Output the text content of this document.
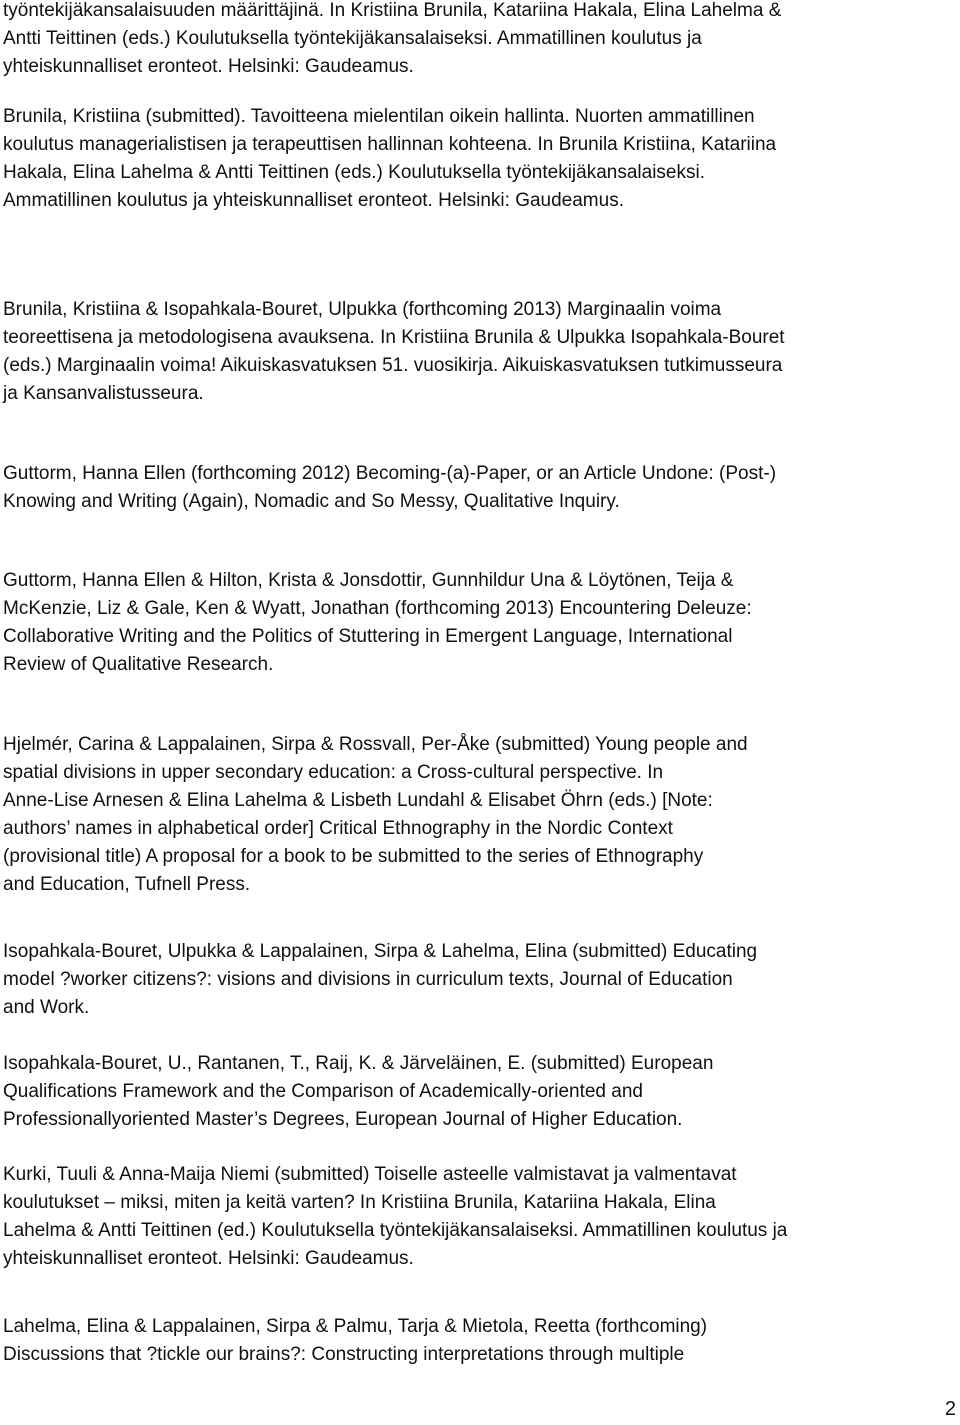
työntekijäkansalaisuuden määrittäjinä. In Kristiina Brunila, Katariina Hakala, Elina Lahelma &
Antti Teittinen (eds.) Koulutuksella työntekijäkansalaiseksi. Ammatillinen koulutus ja
yhteiskunnalliset eronteot. Helsinki: Gaudeamus.

Brunila, Kristiina (submitted). Tavoitteena mielentilan oikein hallinta. Nuorten ammatillinen
koulutus managerialistisen ja terapeuttisen hallinnan kohteena. In Brunila Kristiina, Katariina
Hakala, Elina Lahelma & Antti Teittinen (eds.) Koulutuksella työntekijäkansalaiseksi.
Ammatillinen koulutus ja yhteiskunnalliset eronteot. Helsinki: Gaudeamus.

Brunila, Kristiina & Isopahkala-Bouret, Ulpukka (forthcoming 2013) Marginaalin voima
teoreettisena ja metodologisena avauksena. In Kristiina Brunila & Ulpukka Isopahkala-Bouret
(eds.) Marginaalin voima! Aikuiskasvatuksen 51. vuosikirja. Aikuiskasvatuksen tutkimusseura
ja Kansanvalistusseura.

Guttorm, Hanna Ellen (forthcoming 2012) Becoming-(a)-Paper, or an Article Undone: (Post-)
Knowing and Writing (Again), Nomadic and So Messy, Qualitative Inquiry.

Guttorm, Hanna Ellen & Hilton, Krista & Jonsdottir, Gunnhildur Una & Löytönen, Teija &
McKenzie, Liz & Gale, Ken & Wyatt, Jonathan (forthcoming 2013) Encountering Deleuze:
Collaborative Writing and the Politics of Stuttering in Emergent Language, International
Review of Qualitative Research.

Hjelmér, Carina & Lappalainen, Sirpa & Rossvall, Per-Åke (submitted) Young people and
spatial divisions in upper secondary education: a Cross-cultural perspective. In
Anne-Lise Arnesen & Elina Lahelma & Lisbeth Lundahl & Elisabet Öhrn (eds.) [Note:
authors’ names in alphabetical order] Critical Ethnography in the Nordic Context
(provisional title) A proposal for a book to be submitted to the series of Ethnography
and Education, Tufnell Press.

Isopahkala-Bouret, Ulpukka & Lappalainen, Sirpa & Lahelma, Elina (submitted) Educating
model ?worker citizens?: visions and divisions in curriculum texts, Journal of Education
and Work.

Isopahkala-Bouret, U., Rantanen, T., Raij, K. & Järveläinen, E. (submitted) European
Qualifications Framework and the Comparison of Academically-oriented and
Professionallyoriented Master’s Degrees, European Journal of Higher Education.

Kurki, Tuuli & Anna-Maija Niemi (submitted) Toiselle asteelle valmistavat ja valmentavat
koulutukset – miksi, miten ja keitä varten? In Kristiina Brunila, Katariina Hakala, Elina
Lahelma & Antti Teittinen (ed.) Koulutuksella työntekijäkansalaiseksi. Ammatillinen koulutus ja
yhteiskunnalliset eronteot. Helsinki: Gaudeamus.

Lahelma, Elina & Lappalainen, Sirpa & Palmu, Tarja & Mietola, Reetta (forthcoming)
Discussions that ?tickle our brains?: Constructing interpretations through multiple

2
